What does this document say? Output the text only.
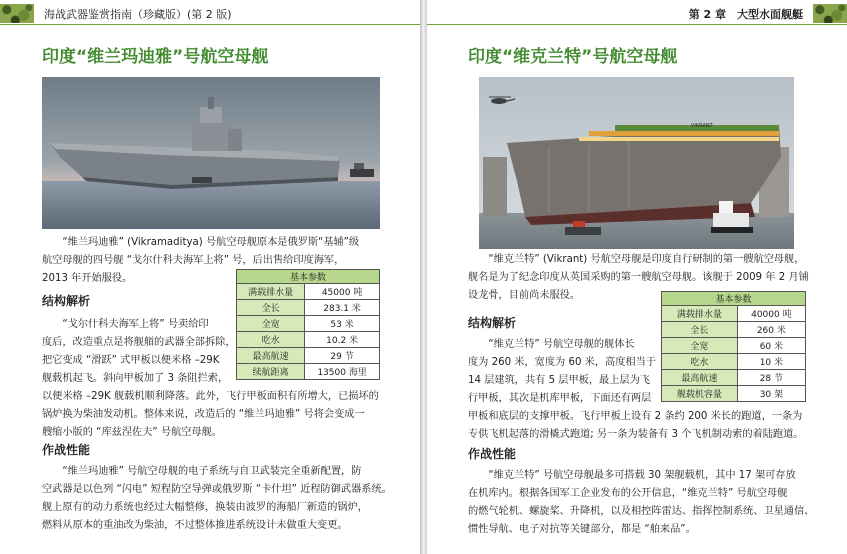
海战武器鉴赏指南（珍藏版）(第 2 版)
印度“维兰玛迪雅”号航空母舰
“维兰玛迪雅” (Vikramaditya) 号航空母舰原本是俄罗斯“基辅”级
航空母舰的四号舰 “戈尔什科夫海军上将” 号，后出售给印度海军，
2013 年开始服役。	基本参数	
满载排水量	45000 吨
全长	283.1 米
全宽	53 米
吃水	10.2 米
最高航速	29 节
续航距离	13500 海里
结构解析
“戈尔什科夫海军上将” 号卖给印
度后，改造重点是将舰艏的武器全部拆除，
把它变成 “滑跃” 式甲板以便米格 –29K
舰载机起飞。斜向甲板加了 3 条阻拦索，
以便米格 –29K 舰载机顺利降落。此外，飞行甲板面积有所增大，已损坏的
锅炉换为柴油发动机。整体来说，改造后的 “维兰玛迪雅” 号将会变成一
艘缩小版的 “库兹涅佐夫” 号航空母舰。
作战性能
“维兰玛迪雅” 号航空母舰的电子系统与自卫武装完全重新配置，防
空武器是以色列 “闪电” 短程防空导弹或俄罗斯 “卡什坦” 近程防御武器系统。
舰上原有的动力系统也经过大幅整修，换装由波罗的海船厂新造的锅炉，
燃料从原本的重油改为柴油，不过整体推进系统设计未做重大变更。
第 2 章　大型水面舰艇
印度“维克兰特”号航空母舰
VIKRANT
“维克兰特” (Vikrant) 号航空母舰是印度自行研制的第一艘航空母舰，
舰名是为了纪念印度从英国采购的第一艘航空母舰。该舰于 2009 年 2 月铺
设龙骨，目前尚未服役。	基本参数	
满载排水量	40000 吨
全长	260 米
全宽	60 米
吃水	10 米
最高航速	28 节
舰载机容量	30 架
结构解析
“维克兰特” 号航空母舰的舰体长
度为 260 米，宽度为 60 米，高度相当于
14 层建筑，共有 5 层甲板，最上层为飞
行甲板，其次是机库甲板，下面还有两层
甲板和底层的支撑甲板。飞行甲板上设有 2 条约 200 米长的跑道，一条为
专供飞机起落的滑橇式跑道; 另一条为装备有 3 个飞机制动索的着陆跑道。
作战性能
“维克兰特” 号航空母舰最多可搭载 30 架舰载机，其中 17 架可存放
在机库内。根据各国军工企业发布的公开信息，“维克兰特” 号航空母舰
的燃气轮机、螺旋桨、升降机，以及相控阵雷达、指挥控制系统、卫星通信、
惯性导航、电子对抗等关键部分，都是 “舶来品”。
